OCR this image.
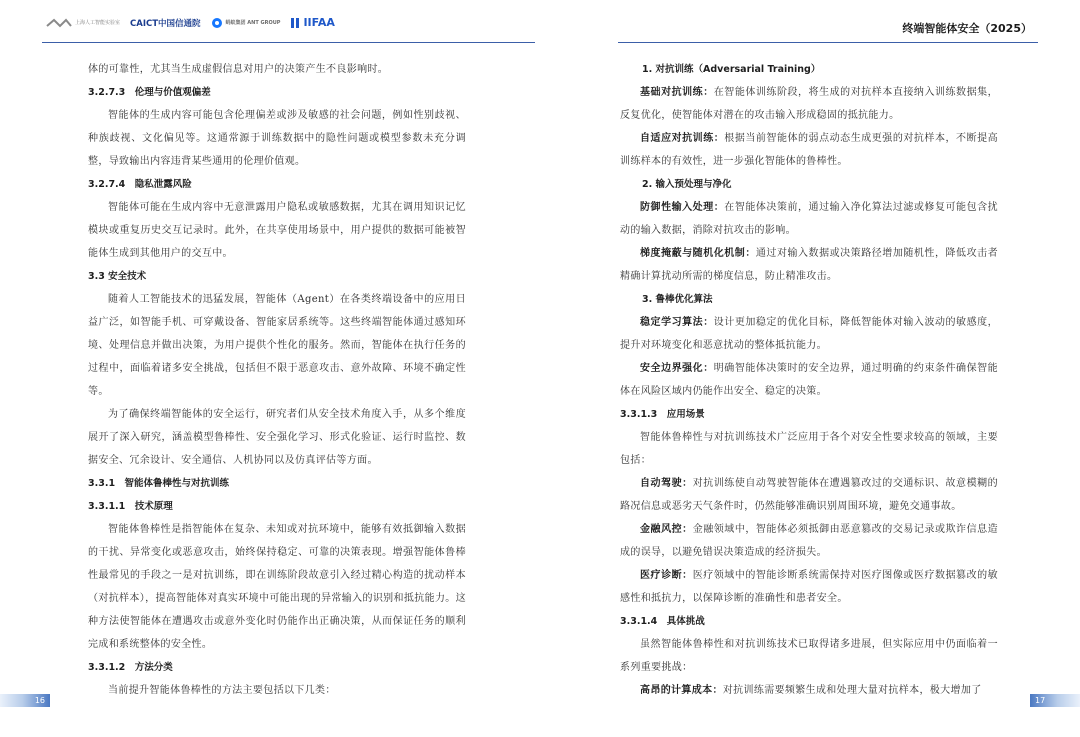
上海人工智能实验室 CAICT中国信通院	蚂蚁集团 ANT GROUP IIFAA	终端智能体安全（2025）
体的可靠性，尤其当生成虚假信息对用户的决策产生不良影响时。
3.2.7.3　伦理与价值观偏差
智能体的生成内容可能包含伦理偏差或涉及敏感的社会问题，例如性别歧视、种族歧视、文化偏见等。这通常源于训练数据中的隐性问题或模型参数未充分调整，导致输出内容违背某些通用的伦理价值观。
3.2.7.4　隐私泄露风险
智能体可能在生成内容中无意泄露用户隐私或敏感数据，尤其在调用知识记忆模块或重复历史交互记录时。此外，在共享使用场景中，用户提供的数据可能被智能体生成到其他用户的交互中。
3.3 安全技术
随着人工智能技术的迅猛发展，智能体（Agent）在各类终端设备中的应用日益广泛，如智能手机、可穿戴设备、智能家居系统等。这些终端智能体通过感知环境、处理信息并做出决策，为用户提供个性化的服务。然而，智能体在执行任务的过程中，面临着诸多安全挑战，包括但不限于恶意攻击、意外故障、环境不确定性等。
为了确保终端智能体的安全运行，研究者们从安全技术角度入手，从多个维度展开了深入研究，涵盖模型鲁棒性、安全强化学习、形式化验证、运行时监控、数据安全、冗余设计、安全通信、人机协同以及仿真评估等方面。
3.3.1　智能体鲁棒性与对抗训练
3.3.1.1　技术原理
智能体鲁棒性是指智能体在复杂、未知或对抗环境中，能够有效抵御输入数据的干扰、异常变化或恶意攻击，始终保持稳定、可靠的决策表现。增强智能体鲁棒性最常见的手段之一是对抗训练，即在训练阶段故意引入经过精心构造的扰动样本（对抗样本），提高智能体对真实环境中可能出现的异常输入的识别和抵抗能力。这种方法使智能体在遭遇攻击或意外变化时仍能作出正确决策，从而保证任务的顺利完成和系统整体的安全性。
3.3.1.2　方法分类
当前提升智能体鲁棒性的方法主要包括以下几类：
1. 对抗训练（Adversarial Training）
基础对抗训练：在智能体训练阶段，将生成的对抗样本直接纳入训练数据集，反复优化，使智能体对潜在的攻击输入形成稳固的抵抗能力。
自适应对抗训练：根据当前智能体的弱点动态生成更强的对抗样本，不断提高训练样本的有效性，进一步强化智能体的鲁棒性。
2. 输入预处理与净化
防御性输入处理：在智能体决策前，通过输入净化算法过滤或修复可能包含扰动的输入数据，消除对抗攻击的影响。
梯度掩蔽与随机化机制：通过对输入数据或决策路径增加随机性，降低攻击者精确计算扰动所需的梯度信息，防止精准攻击。
3. 鲁棒优化算法
稳定学习算法：设计更加稳定的优化目标，降低智能体对输入波动的敏感度，提升对环境变化和恶意扰动的整体抵抗能力。
安全边界强化：明确智能体决策时的安全边界，通过明确的约束条件确保智能体在风险区域内仍能作出安全、稳定的决策。
3.3.1.3　应用场景
智能体鲁棒性与对抗训练技术广泛应用于各个对安全性要求较高的领域，主要包括：
自动驾驶：对抗训练使自动驾驶智能体在遭遇篡改过的交通标识、故意模糊的路况信息或恶劣天气条件时，仍然能够准确识别周围环境，避免交通事故。
金融风控：金融领域中，智能体必须抵御由恶意篡改的交易记录或欺诈信息造成的误导，以避免错误决策造成的经济损失。
医疗诊断：医疗领域中的智能诊断系统需保持对医疗图像或医疗数据篡改的敏感性和抵抗力，以保障诊断的准确性和患者安全。
3.3.1.4　具体挑战
虽然智能体鲁棒性和对抗训练技术已取得诸多进展，但实际应用中仍面临着一系列重要挑战：
高昂的计算成本：对抗训练需要频繁生成和处理大量对抗样本，极大增加了
16	17
